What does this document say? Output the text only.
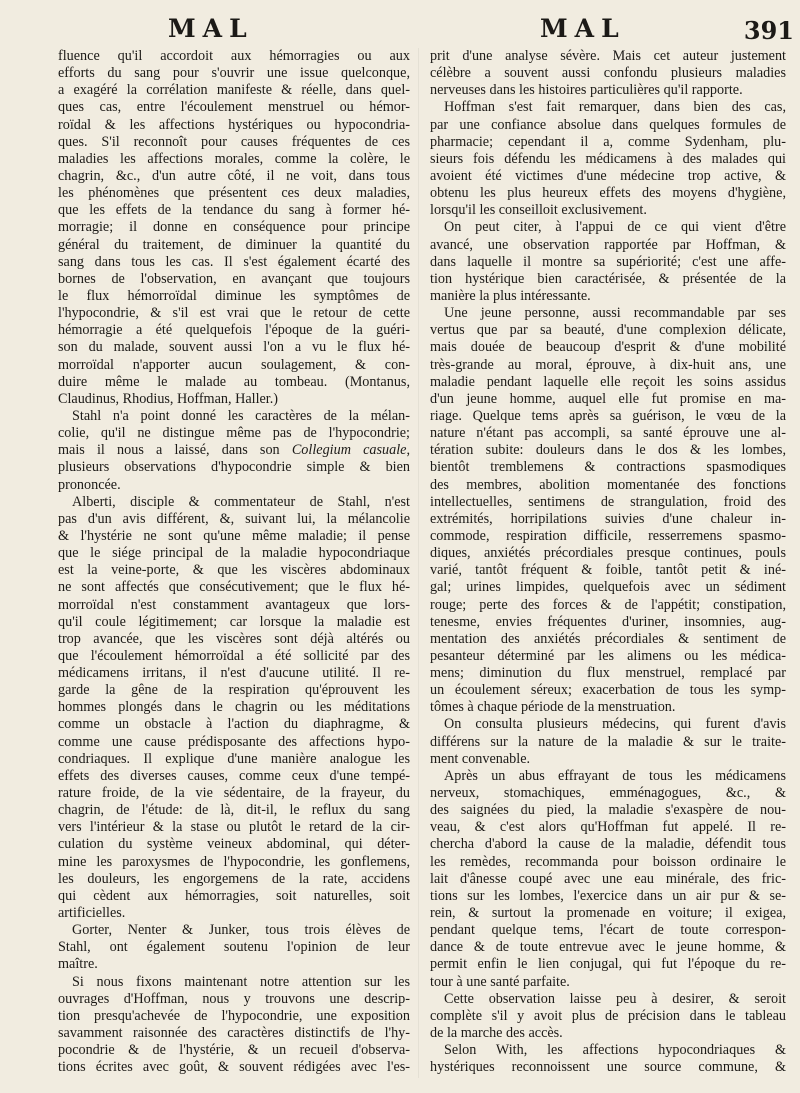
MAL	MAL	391
fluence qu'il accordoit aux hémorragies ou aux
efforts du sang pour s'ouvrir une issue quelconque,
a exagéré la corrélation manifeste & réelle, dans quel-
ques cas, entre l'écoulement menstruel ou hémor-
roïdal & les affections hystériques ou hypocondria-
ques. S'il reconnoît pour causes fréquentes de ces
maladies les affections morales, comme la colère, le
chagrin, &c., d'un autre côté, il ne voit, dans tous
les phénomènes que présentent ces deux maladies,
que les effets de la tendance du sang à former hé-
morragie; il donne en conséquence pour principe
général du traitement, de diminuer la quantité du
sang dans tous les cas. Il s'est également écarté des
bornes de l'observation, en avançant que toujours
le flux hémorroïdal diminue les symptômes de
l'hypocondrie, & s'il est vrai que le retour de cette
hémorragie a été quelquefois l'époque de la guéri-
son du malade, souvent aussi l'on a vu le flux hé-
morroïdal n'apporter aucun soulagement, & con-
duire même le malade au tombeau. (Montanus,
Claudinus, Rhodius, Hoffman, Haller.)
Stahl n'a point donné les caractères de la mélan-
colie, qu'il ne distingue même pas de l'hypocondrie;
mais il nous a laissé, dans son Collegium casuale,
plusieurs observations d'hypocondrie simple & bien
prononcée.
Alberti, disciple & commentateur de Stahl, n'est
pas d'un avis différent, &, suivant lui, la mélancolie
& l'hystérie ne sont qu'une même maladie; il pense
que le siége principal de la maladie hypocondriaque
est la veine-porte, & que les viscères abdominaux
ne sont affectés que consécutivement; que le flux hé-
morroïdal n'est constamment avantageux que lors-
qu'il coule légitimement; car lorsque la maladie est
trop avancée, que les viscères sont déjà altérés ou
que l'écoulement hémorroïdal a été sollicité par des
médicamens irritans, il n'est d'aucune utilité. Il re-
garde la gêne de la respiration qu'éprouvent les
hommes plongés dans le chagrin ou les méditations
comme un obstacle à l'action du diaphragme, &
comme une cause prédisposante des affections hypo-
condriaques. Il explique d'une manière analogue les
effets des diverses causes, comme ceux d'une tempé-
rature froide, de la vie sédentaire, de la frayeur, du
chagrin, de l'étude: de là, dit-il, le reflux du sang
vers l'intérieur & la stase ou plutôt le retard de la cir-
culation du système veineux abdominal, qui déter-
mine les paroxysmes de l'hypocondrie, les gonflemens,
les douleurs, les engorgemens de la rate, accidens
qui cèdent aux hémorragies, soit naturelles, soit
artificielles.
Gorter, Nenter & Junker, tous trois élèves de
Stahl, ont également soutenu l'opinion de leur
maître.
Si nous fixons maintenant notre attention sur les
ouvrages d'Hoffman, nous y trouvons une descrip-
tion presqu'achevée de l'hypocondrie, une exposition
savamment raisonnée des caractères distinctifs de l'hy-
pocondrie & de l'hystérie, & un recueil d'observa-
tions écrites avec goût, & souvent rédigées avec l'es-
prit d'une analyse sévère. Mais cet auteur justement
célèbre a souvent aussi confondu plusieurs maladies
nerveuses dans les histoires particulières qu'il rapporte.
Hoffman s'est fait remarquer, dans bien des cas,
par une confiance absolue dans quelques formules de
pharmacie; cependant il a, comme Sydenham, plu-
sieurs fois défendu les médicamens à des malades qui
avoient été victimes d'une médecine trop active, &
obtenu les plus heureux effets des moyens d'hygiène,
lorsqu'il les conseilloit exclusivement.
On peut citer, à l'appui de ce qui vient d'être
avancé, une observation rapportée par Hoffman, &
dans laquelle il montre sa supériorité; c'est une affe-
tion hystérique bien caractérisée, & présentée de la
manière la plus intéressante.
Une jeune personne, aussi recommandable par ses
vertus que par sa beauté, d'une complexion délicate,
mais douée de beaucoup d'esprit & d'une mobilité
très-grande au moral, éprouve, à dix-huit ans, une
maladie pendant laquelle elle reçoit les soins assidus
d'un jeune homme, auquel elle fut promise en ma-
riage. Quelque tems après sa guérison, le vœu de la
nature n'étant pas accompli, sa santé éprouve une al-
tération subite: douleurs dans le dos & les lombes,
bientôt tremblemens & contractions spasmodiques
des membres, abolition momentanée des fonctions
intellectuelles, sentimens de strangulation, froid des
extrémités, horripilations suivies d'une chaleur in-
commode, respiration difficile, resserremens spasmo-
diques, anxiétés précordiales presque continues, pouls
varié, tantôt fréquent & foible, tantôt petit & iné-
gal; urines limpides, quelquefois avec un sédiment
rouge; perte des forces & de l'appétit; constipation,
tenesme, envies fréquentes d'uriner, insomnies, aug-
mentation des anxiétés précordiales & sentiment de
pesanteur déterminé par les alimens ou les médica-
mens; diminution du flux menstruel, remplacé par
un écoulement séreux; exacerbation de tous les symp-
tômes à chaque période de la menstruation.
On consulta plusieurs médecins, qui furent d'avis
différens sur la nature de la maladie & sur le traite-
ment convenable.
Après un abus effrayant de tous les médicamens
nerveux, stomachiques, emménagogues, &c., &
des saignées du pied, la maladie s'exaspère de nou-
veau, & c'est alors qu'Hoffman fut appelé. Il re-
chercha d'abord la cause de la maladie, défendit tous
les remèdes, recommanda pour boisson ordinaire le
lait d'ânesse coupé avec une eau minérale, des fric-
tions sur les lombes, l'exercice dans un air pur & se-
rein, & surtout la promenade en voiture; il exigea,
pendant quelque tems, l'écart de toute correspon-
dance & de toute entrevue avec le jeune homme, &
permit enfin le lien conjugal, qui fut l'époque du re-
tour à une santé parfaite.
Cette observation laisse peu à desirer, & seroit
complète s'il y avoit plus de précision dans le tableau
de la marche des accès.
Selon With, les affections hypocondriaques &
hystériques reconnoissent une source commune, &
